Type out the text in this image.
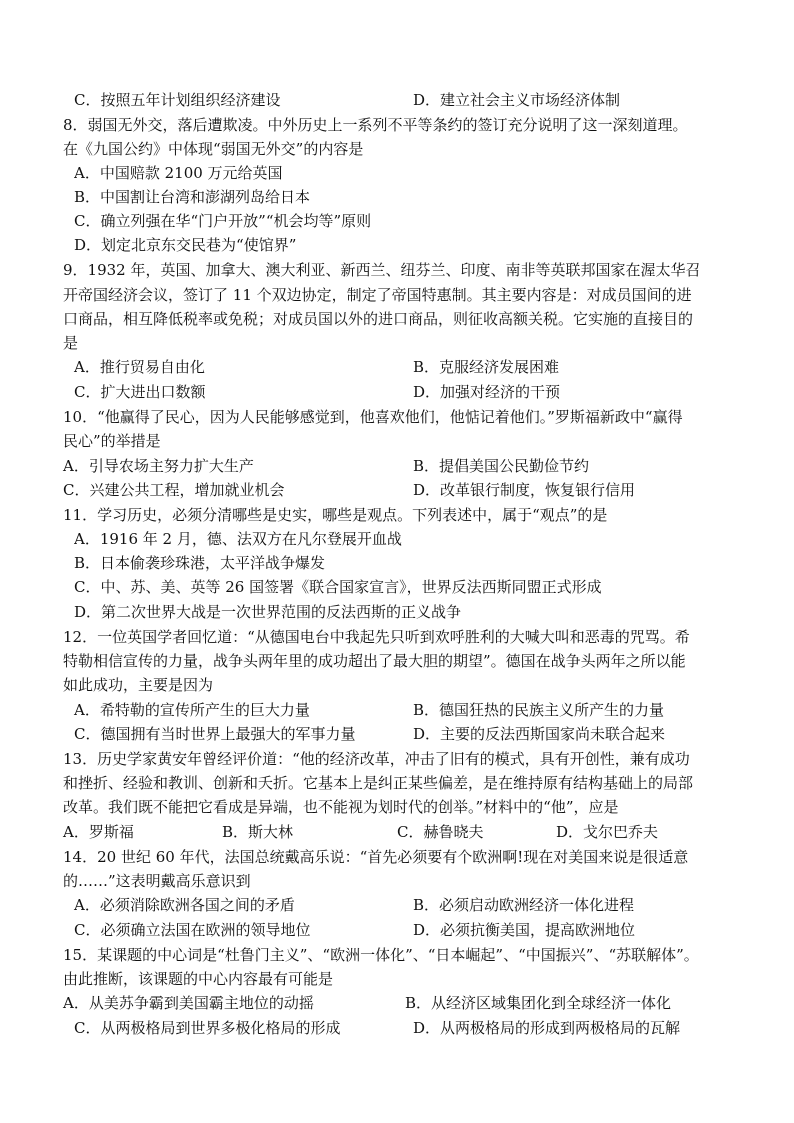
C．按照五年计划组织经济建设	D．建立社会主义市场经济体制
8．弱国无外交，落后遭欺凌。中外历史上一系列不平等条约的签订充分说明了这一深刻道理。
在《九国公约》中体现“弱国无外交”的内容是
A．中国赔款 2100 万元给英国
B．中国割让台湾和澎湖列岛给日本
C．确立列强在华“门户开放”“机会均等”原则
D．划定北京东交民巷为“使馆界”
9．1932 年，英国、加拿大、澳大利亚、新西兰、纽芬兰、印度、南非等英联邦国家在渥太华召
开帝国经济会议，签订了 11 个双边协定，制定了帝国特惠制。其主要内容是：对成员国间的进
口商品，相互降低税率或免税；对成员国以外的进口商品，则征收高额关税。它实施的直接目的
是
A．推行贸易自由化	B．克服经济发展困难
C．扩大进出口数额	D．加强对经济的干预
10．“他赢得了民心，因为人民能够感觉到，他喜欢他们，他惦记着他们。”罗斯福新政中“赢得
民心”的举措是
A．引导农场主努力扩大生产	B．提倡美国公民勤俭节约
C．兴建公共工程，增加就业机会	D．改革银行制度，恢复银行信用
11．学习历史，必须分清哪些是史实，哪些是观点。下列表述中，属于“观点”的是
A．1916 年 2 月，德、法双方在凡尔登展开血战
B．日本偷袭珍珠港，太平洋战争爆发
C．中、苏、美、英等 26 国签署《联合国家宣言》，世界反法西斯同盟正式形成
D．第二次世界大战是一次世界范围的反法西斯的正义战争
12．一位英国学者回忆道：“从德国电台中我起先只听到欢呼胜利的大喊大叫和恶毒的咒骂。希
特勒相信宣传的力量，战争头两年里的成功超出了最大胆的期望”。德国在战争头两年之所以能
如此成功，主要是因为
A．希特勒的宣传所产生的巨大力量	B．德国狂热的民族主义所产生的力量
C．德国拥有当时世界上最强大的军事力量	D．主要的反法西斯国家尚未联合起来
13．历史学家黄安年曾经评价道：“他的经济改革，冲击了旧有的模式，具有开创性，兼有成功
和挫折、经验和教训、创新和夭折。它基本上是纠正某些偏差，是在维持原有结构基础上的局部
改革。我们既不能把它看成是异端，也不能视为划时代的创举。”材料中的“他”，应是
A．罗斯福	B．斯大林	C．赫鲁晓夫	D．戈尔巴乔夫
14．20 世纪 60 年代，法国总统戴高乐说：“首先必须要有个欧洲啊!现在对美国来说是很适意
的……”这表明戴高乐意识到
A．必须消除欧洲各国之间的矛盾	B．必须启动欧洲经济一体化进程
C．必须确立法国在欧洲的领导地位	D．必须抗衡美国，提高欧洲地位
15．某课题的中心词是“杜鲁门主义”、“欧洲一体化”、“日本崛起”、“中国振兴”、“苏联解体”。
由此推断，该课题的中心内容最有可能是
A．从美苏争霸到美国霸主地位的动摇	B．从经济区域集团化到全球经济一体化
C．从两极格局到世界多极化格局的形成	D．从两极格局的形成到两极格局的瓦解
